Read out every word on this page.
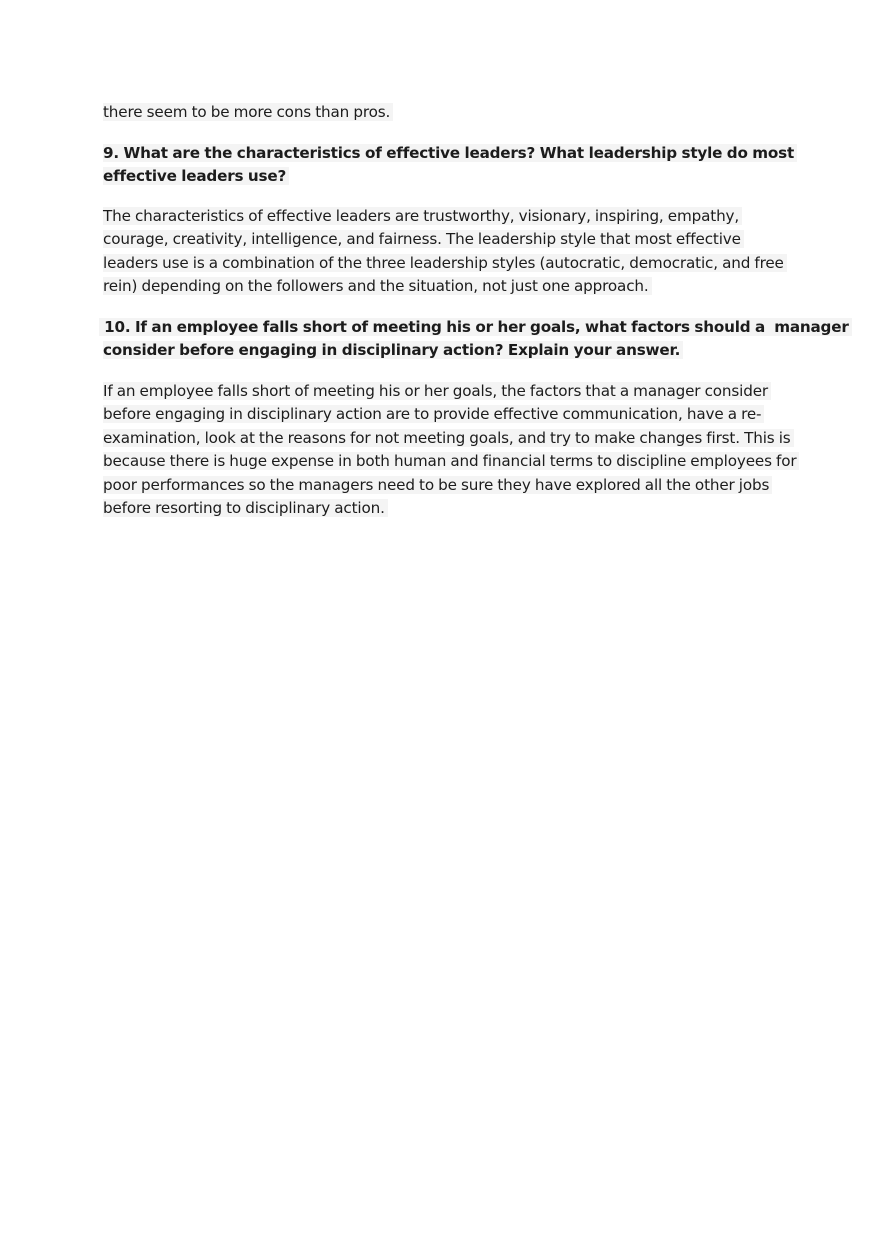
there seem to be more cons than pros.
9. What are the characteristics of effective leaders? What leadership style do most
effective leaders use?
The characteristics of effective leaders are trustworthy, visionary, inspiring, empathy,
courage, creativity, intelligence, and fairness. The leadership style that most effective
leaders use is a combination of the three leadership styles (autocratic, democratic, and free
rein) depending on the followers and the situation, not just one approach.
10. If an employee falls short of meeting his or her goals, what factors should a  manager
consider before engaging in disciplinary action? Explain your answer.
If an employee falls short of meeting his or her goals, the factors that a manager consider
before engaging in disciplinary action are to provide effective communication, have a re-
examination, look at the reasons for not meeting goals, and try to make changes first. This is
because there is huge expense in both human and financial terms to discipline employees for
poor performances so the managers need to be sure they have explored all the other jobs
before resorting to disciplinary action.
